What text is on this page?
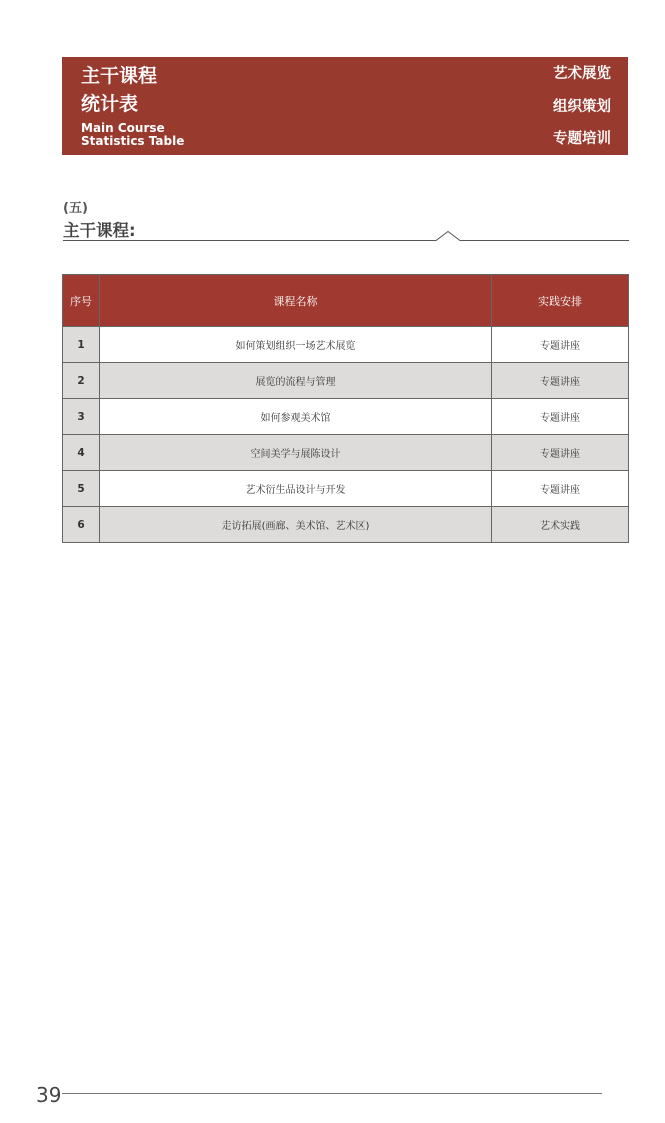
主干课程
统计表
Main Course
Statistics Table
艺术展览
组织策划
专题培训
(五)
主干课程:
序号	课程名称	实践安排
1	如何策划组织一场艺术展览	专题讲座
2	展览的流程与管理	专题讲座
3	如何参观美术馆	专题讲座
4	空间美学与展陈设计	专题讲座
5	艺术衍生品设计与开发	专题讲座
6	走访拓展(画廊、美术馆、艺术区)	艺术实践
39
